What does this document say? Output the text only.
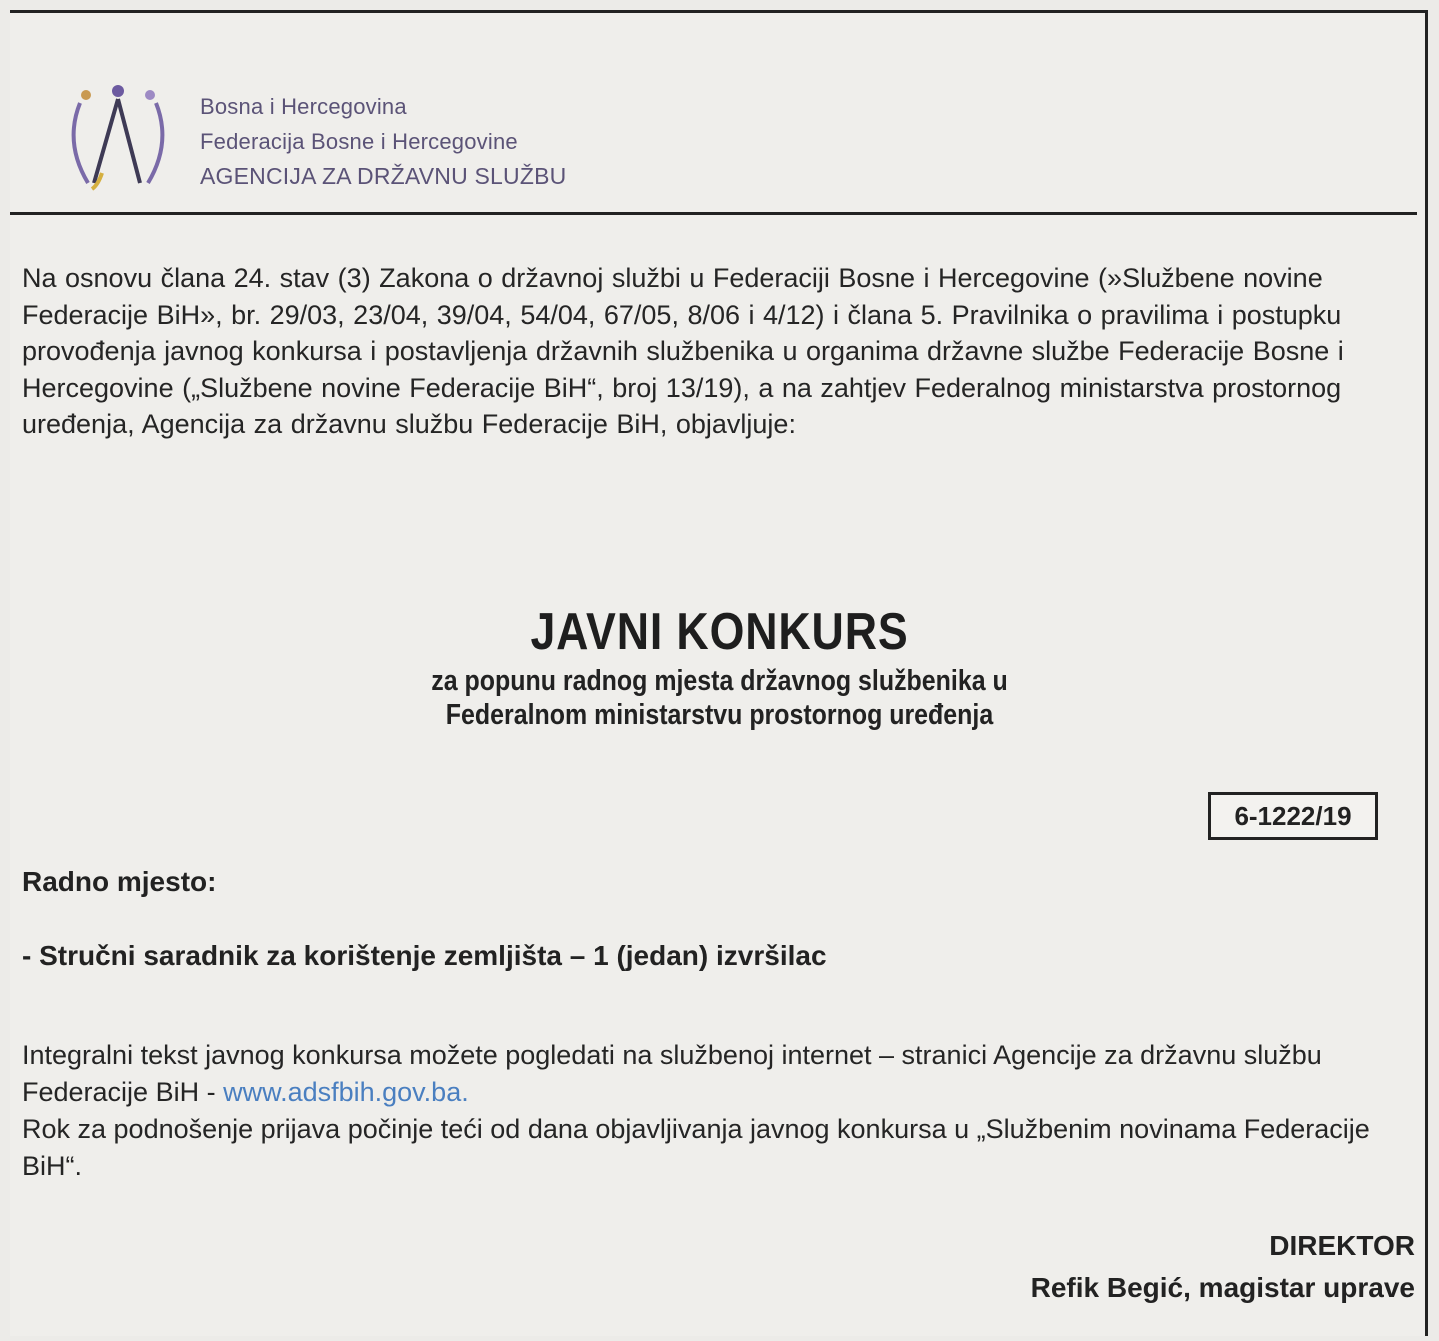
Bosna i Hercegovina
Federacija Bosne i Hercegovine
AGENCIJA ZA DRŽAVNU SLUŽBU
Na osnovu člana 24. stav (3) Zakona o državnoj službi u Federaciji Bosne i Hercegovine (»Službene novine Federacije BiH», br. 29/03, 23/04, 39/04, 54/04, 67/05, 8/06 i 4/12) i člana 5. Pravilnika o pravilima i postupku provođenja javnog konkursa i postavljenja državnih službenika u organima državne službe Federacije Bosne i Hercegovine („Službene novine Federacije BiH“, broj 13/19), a na zahtjev Federalnog ministarstva prostornog uređenja, Agencija za državnu službu Federacije BiH, objavljuje:
JAVNI KONKURS
za popunu radnog mjesta državnog službenika u
Federalnom ministarstvu prostornog uređenja
6-1222/19
Radno mjesto:
- Stručni saradnik za korištenje zemljišta – 1 (jedan) izvršilac
Integralni tekst javnog konkursa možete pogledati na službenoj internet – stranici Agencije za državnu službu Federacije BiH - www.adsfbih.gov.ba.
Rok za podnošenje prijava počinje teći od dana objavljivanja javnog konkursa u „Službenim novinama Federacije BiH“.
DIREKTOR
Refik Begić, magistar uprave
